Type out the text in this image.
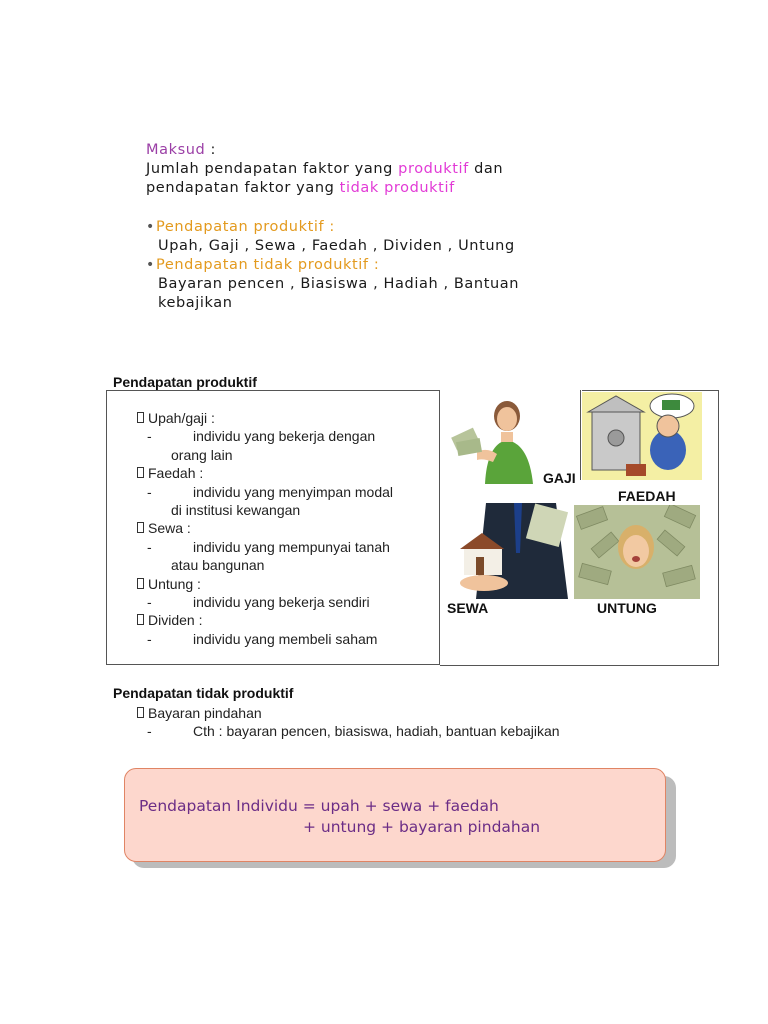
Maksud :
Jumlah pendapatan faktor yang produktif dan
pendapatan faktor yang tidak produktif
• Pendapatan produktif :
Upah, Gaji , Sewa , Faedah , Dividen , Untung
• Pendapatan tidak produktif :
Bayaran pencen , Biasiswa , Hadiah , Bantuan
kebajikan
Pendapatan produktif
Upah/gaji :
-	individu yang bekerja dengan
orang lain
Faedah :
-	individu yang menyimpan modal
di institusi kewangan
Sewa :
-	individu yang mempunyai tanah
atau bangunan
Untung :
-	individu yang bekerja sendiri
Dividen :
-	individu yang membeli saham
GAJI
FAEDAH
SEWA	UNTUNG
Pendapatan tidak produktif
Bayaran pindahan
-	Cth : bayaran pencen, biasiswa, hadiah, bantuan kebajikan
Pendapatan Individu = upah + sewa + faedah
+ untung + bayaran pindahan
